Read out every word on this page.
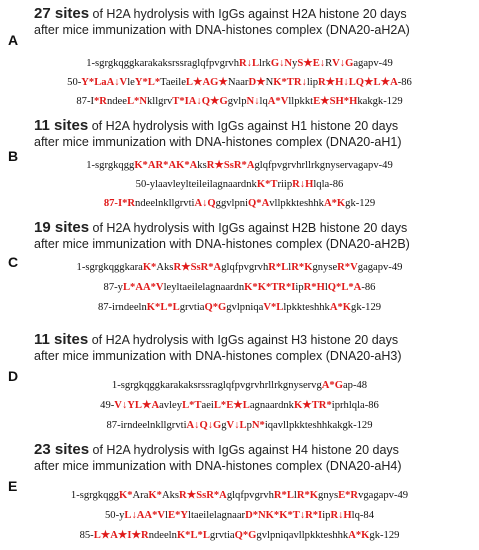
A
27 sites of H2A hydrolysis with IgGs against H2A histone 20 days
after mice immunization with DNA-histones complex (DNA20-aH2A)
1-sgrgkqggkarakaksrssraglqfpvgrvhR↓LlrkG↓NyS★E↓RV↓Gagapv-49
50-Y*LaA↓VleY*L*TaeileL★AG★NaarD★NK*TR↓lipR★H↓LQ★L★A-86
87-I*RndeeL*NkllgrvT*IA↓Q★GgvlpN↓lqA*VllpkktE★SH*Hkakgk-129
B
11 sites of H2A hydrolysis with IgGs against H1 histone 20 days
after mice immunization with DNA-histones complex (DNA20-aH1)
1-sgrgkqggK*AR*AK*AksR★SsR*Aglqfpvgrvhrllrkgnyservagapv-49
50-ylaavleylteileilagnaardnkK*TriipR↓Hlqla-86
87-I*RndeelnkllgrvtiA↓QggvlpniQ*AvllpkkteshhkA*Kgk-129
C
19 sites of H2A hydrolysis with IgGs against H2B histone 20 days
after mice immunization with DNA-histones complex (DNA20-aH2B)
1-sgrgkqggkaraK*AksR★SsR*AglqfpvgrvhR*LlR*KgnyseR*Vgagapv-49
87-yL*AA*VleyltaeilelagnaardnK*K*TR*IipR*HlQ*L*A-86
87-irndeelnK*L*LgrvtiaQ*GgvlpniqaV*LlpkkteshhkA*Kgk-129
D
11 sites of H2A hydrolysis with IgGs against H3 histone 20 days
after mice immunization with DNA-histones complex (DNA20-aH3)
1-sgrgkqggkarakaksrssraglqfpvgrvhrllrkgnyservgA*Gap-48
49-V↓YL★AavleyL*TaeiL*E★LagnaardnkK★TR*iprhlqla-86
87-irndeelnkllgrvtiA↓Q↓GgV↓LpN*iqavllpkkteshhkakgk-129
E
23 sites of H2A hydrolysis with IgGs against H4 histone 20 days
after mice immunization with DNA-histones complex (DNA20-aH4)
1-sgrgkqggK*AraK*AksR★SsR*AglqfpvgrvhR*LlR*KgnysE*Rvgagapv-49
50-yL↓AA*VlE*YltaeilelagnaarD*NK*K*T↓R*IipR↓Hlq-84
85-L★A★I★RndeelnK*L*LgrvtiaQ*GgvlpniqavllpkkteshhkA*Kgk-129
